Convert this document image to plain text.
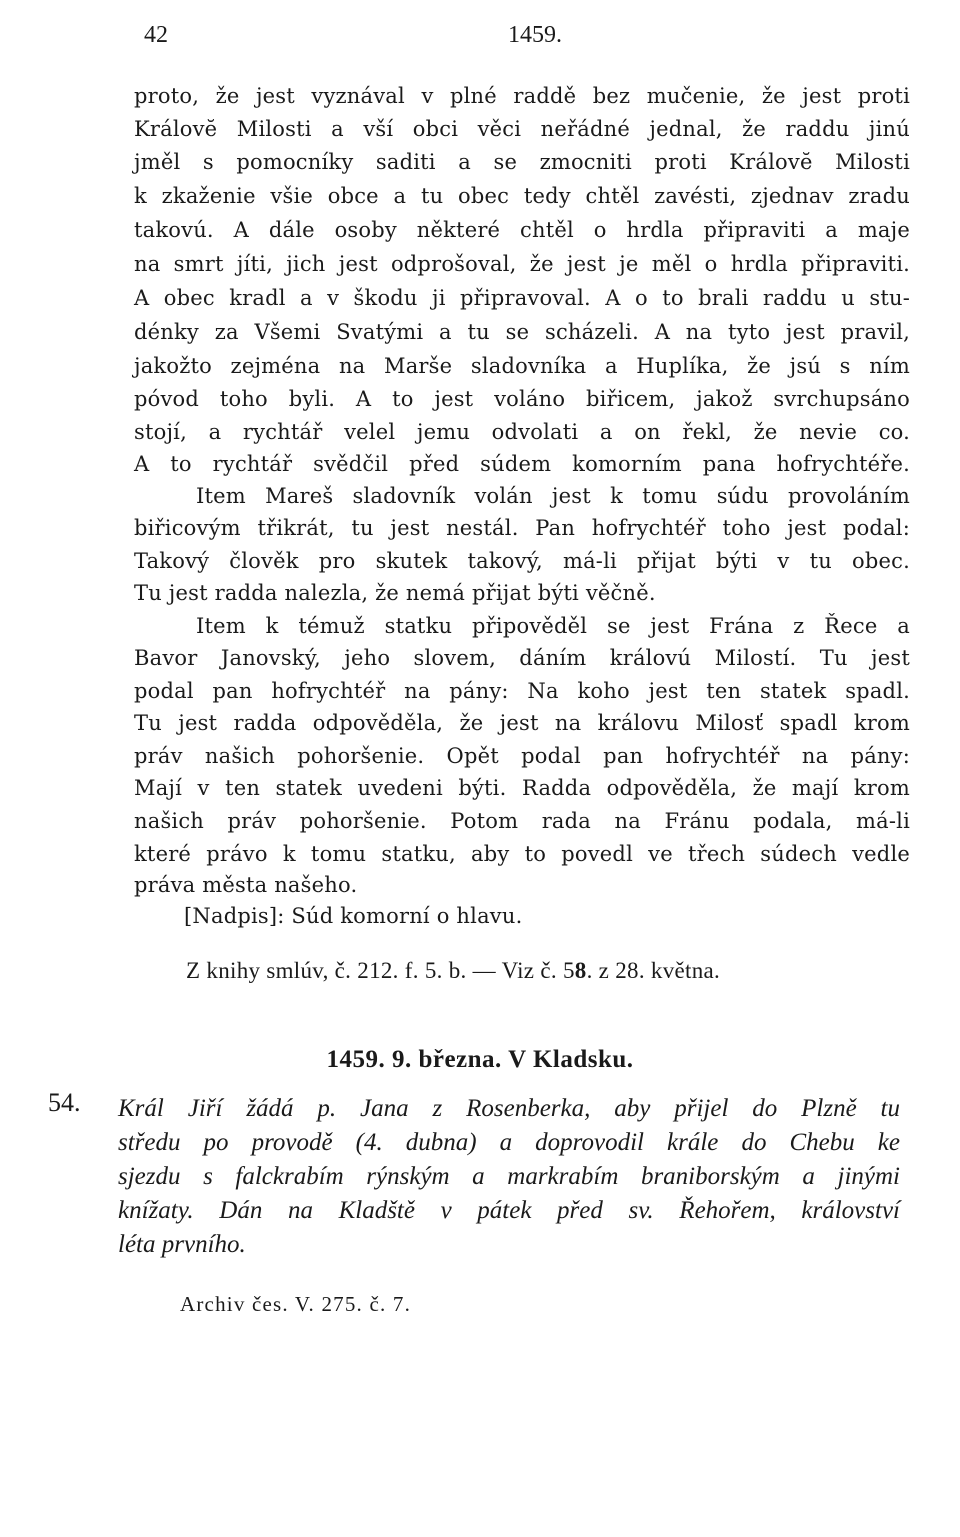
42	1459.
proto, že jest vyznával v plné raddě bez mučenie, že jest proti
Královĕ Milosti a vší obci věci neřádné jednal, že raddu jinú
jměl s pomocníky saditi a se zmocniti proti Královĕ Milosti
k zkaženie všie obce a tu obec tedy chtěl zavésti, zjednav zradu
takovú. A dále osoby některé chtěl o hrdla připraviti a maje
na smrt jíti, jich jest odprošoval, že jest je měl o hrdla připraviti.
A obec kradl a v škodu ji připravoval. A o to brali raddu u stu-
dénky za Všemi Svatými a tu se scházeli. A na tyto jest pravil,
jakožto zejména na Marše sladovníka a Huplíka, že jsú s ním
pόvod toho byli. A to jest voláno biřicem, jakož svrchupsáno
stojí, a rychtář velel jemu odvolati a on řekl, že nevie co.
A to rychtář svědčil před súdem komorním pana hofrychtéře.
Item Mareš sladovník volán jest k tomu súdu provoláním
biřicovým třikrát, tu jest nestál. Pan hofrychtéř toho jest podal:
Takový člověk pro skutek takový, má-li přijat býti v tu obec.
Tu jest radda nalezla, že nemá přijat býti věčně.
Item k témuž statku připověděl se jest Frána z Řece a
Bavor Janovský, jeho slovem, dáním královú Milostí. Tu jest
podal pan hofrychtéř na pány: Na koho jest ten statek spadl.
Tu jest radda odpověděla, že jest na královu Milosť spadl krom
práv našich pohoršenie. Opět podal pan hofrychtéř na pány:
Mají v ten statek uvedeni býti. Radda odpověděla, že mají krom
našich práv pohoršenie. Potom rada na Fránu podala, má-li
které právo k tomu statku, aby to povedl ve třech súdech vedle
práva města našeho.
[Nadpis]: Súd komorní o hlavu.
Z knihy smlúv, č. 212. f. 5. b. — Viz č. 58. z 28. května.
1459. 9. března. V Kladsku.
54. Král Jiří žádá p. Jana z Rosenberka, aby přijel do Plzně tu
středu po provodě (4. dubna) a doprovodil krále do Chebu ke
sjezdu s falckrabím rýnským a markrabím braniborským a jinými
knížaty. Dán na Kladště v pátek před sv. Řehořem, království
léta prvního.
Archiv čes. V. 275. č. 7.
